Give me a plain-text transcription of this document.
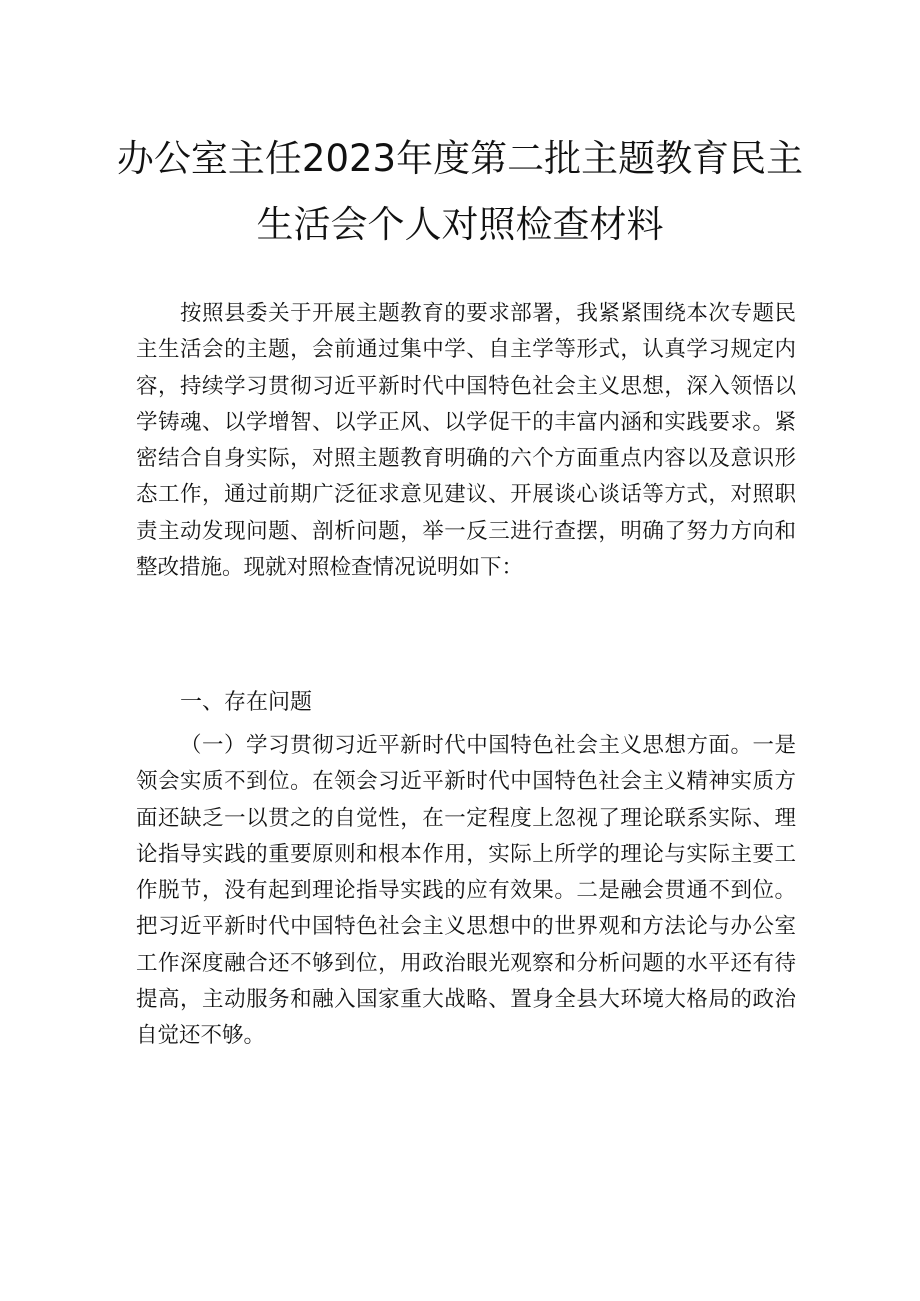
办公室主任2023年度第二批主题教育民主
生活会个人对照检查材料
按照县委关于开展主题教育的要求部署，我紧紧围绕本次专题民主生活会的主题，会前通过集中学、自主学等形式，认真学习规定内容，持续学习贯彻习近平新时代中国特色社会主义思想，深入领悟以学铸魂、以学增智、以学正风、以学促干的丰富内涵和实践要求。紧密结合自身实际，对照主题教育明确的六个方面重点内容以及意识形态工作，通过前期广泛征求意见建议、开展谈心谈话等方式，对照职责主动发现问题、剖析问题，举一反三进行查摆，明确了努力方向和整改措施。现就对照检查情况说明如下：
一、存在问题
（一）学习贯彻习近平新时代中国特色社会主义思想方面。一是领会实质不到位。在领会习近平新时代中国特色社会主义精神实质方面还缺乏一以贯之的自觉性，在一定程度上忽视了理论联系实际、理论指导实践的重要原则和根本作用，实际上所学的理论与实际主要工作脱节，没有起到理论指导实践的应有效果。二是融会贯通不到位。把习近平新时代中国特色社会主义思想中的世界观和方法论与办公室工作深度融合还不够到位，用政治眼光观察和分析问题的水平还有待提高，主动服务和融入国家重大战略、置身全县大环境大格局的政治自觉还不够。
